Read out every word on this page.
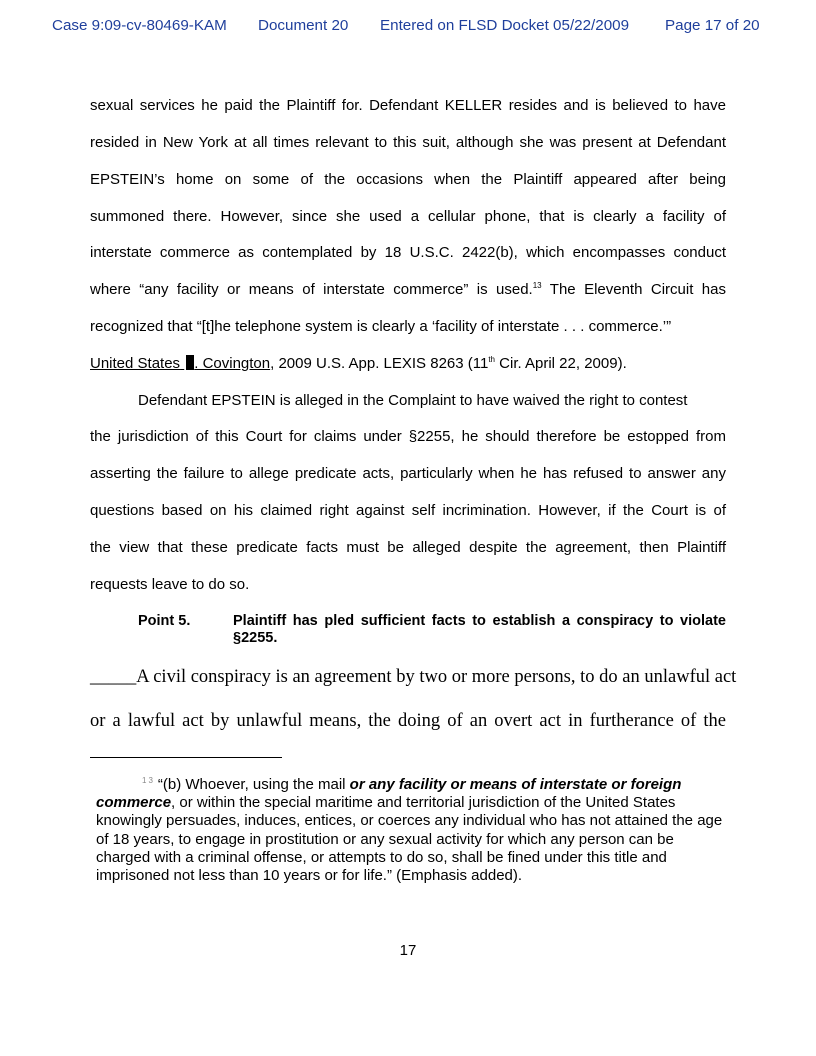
Case 9:09-cv-80469-KAM Document 20 Entered on FLSD Docket 05/22/2009 Page 17 of 20
sexual services he paid the Plaintiff for. Defendant KELLER resides and is believed to have
resided in New York at all times relevant to this suit, although she was present at Defendant
EPSTEIN’s home on some of the occasions when the Plaintiff appeared after being
summoned there. However, since she used a cellular phone, that is clearly a facility of
interstate commerce as contemplated by 18 U.S.C. 2422(b), which encompasses conduct
where “any facility or means of interstate commerce” is used.$^{13}$ The Eleventh Circuit has
recognized that “[t]he telephone system is clearly a ‘facility of interstate . . . commerce.’”
United States . Covington, 2009 U.S. App. LEXIS 8263 (11th Cir. April 22, 2009).
Defendant EPSTEIN is alleged in the Complaint to have waived the right to contest
the jurisdiction of this Court for claims under §2255, he should therefore be estopped from
asserting the failure to allege predicate acts, particularly when he has refused to answer any
questions based on his claimed right against self incrimination. However, if the Court is of
the view that these predicate facts must be alleged despite the agreement, then Plaintiff
requests leave to do so.
Point 5.	Plaintiff has pled sufficient facts to establish a conspiracy to violate §2255.
_____A civil conspiracy is an agreement by two or more persons, to do an unlawful act
or a lawful act by unlawful means, the doing of an overt act in furtherance of the
$^{13}$ “(b) Whoever, using the mail or any facility or means of interstate or foreign commerce, or within the special maritime and territorial jurisdiction of the United States knowingly persuades, induces, entices, or coerces any individual who has not attained the age of 18 years, to engage in prostitution or any sexual activity for which any person can be charged with a criminal offense, or attempts to do so, shall be fined under this title and imprisoned not less than 10 years or for life.” (Emphasis added).
17
